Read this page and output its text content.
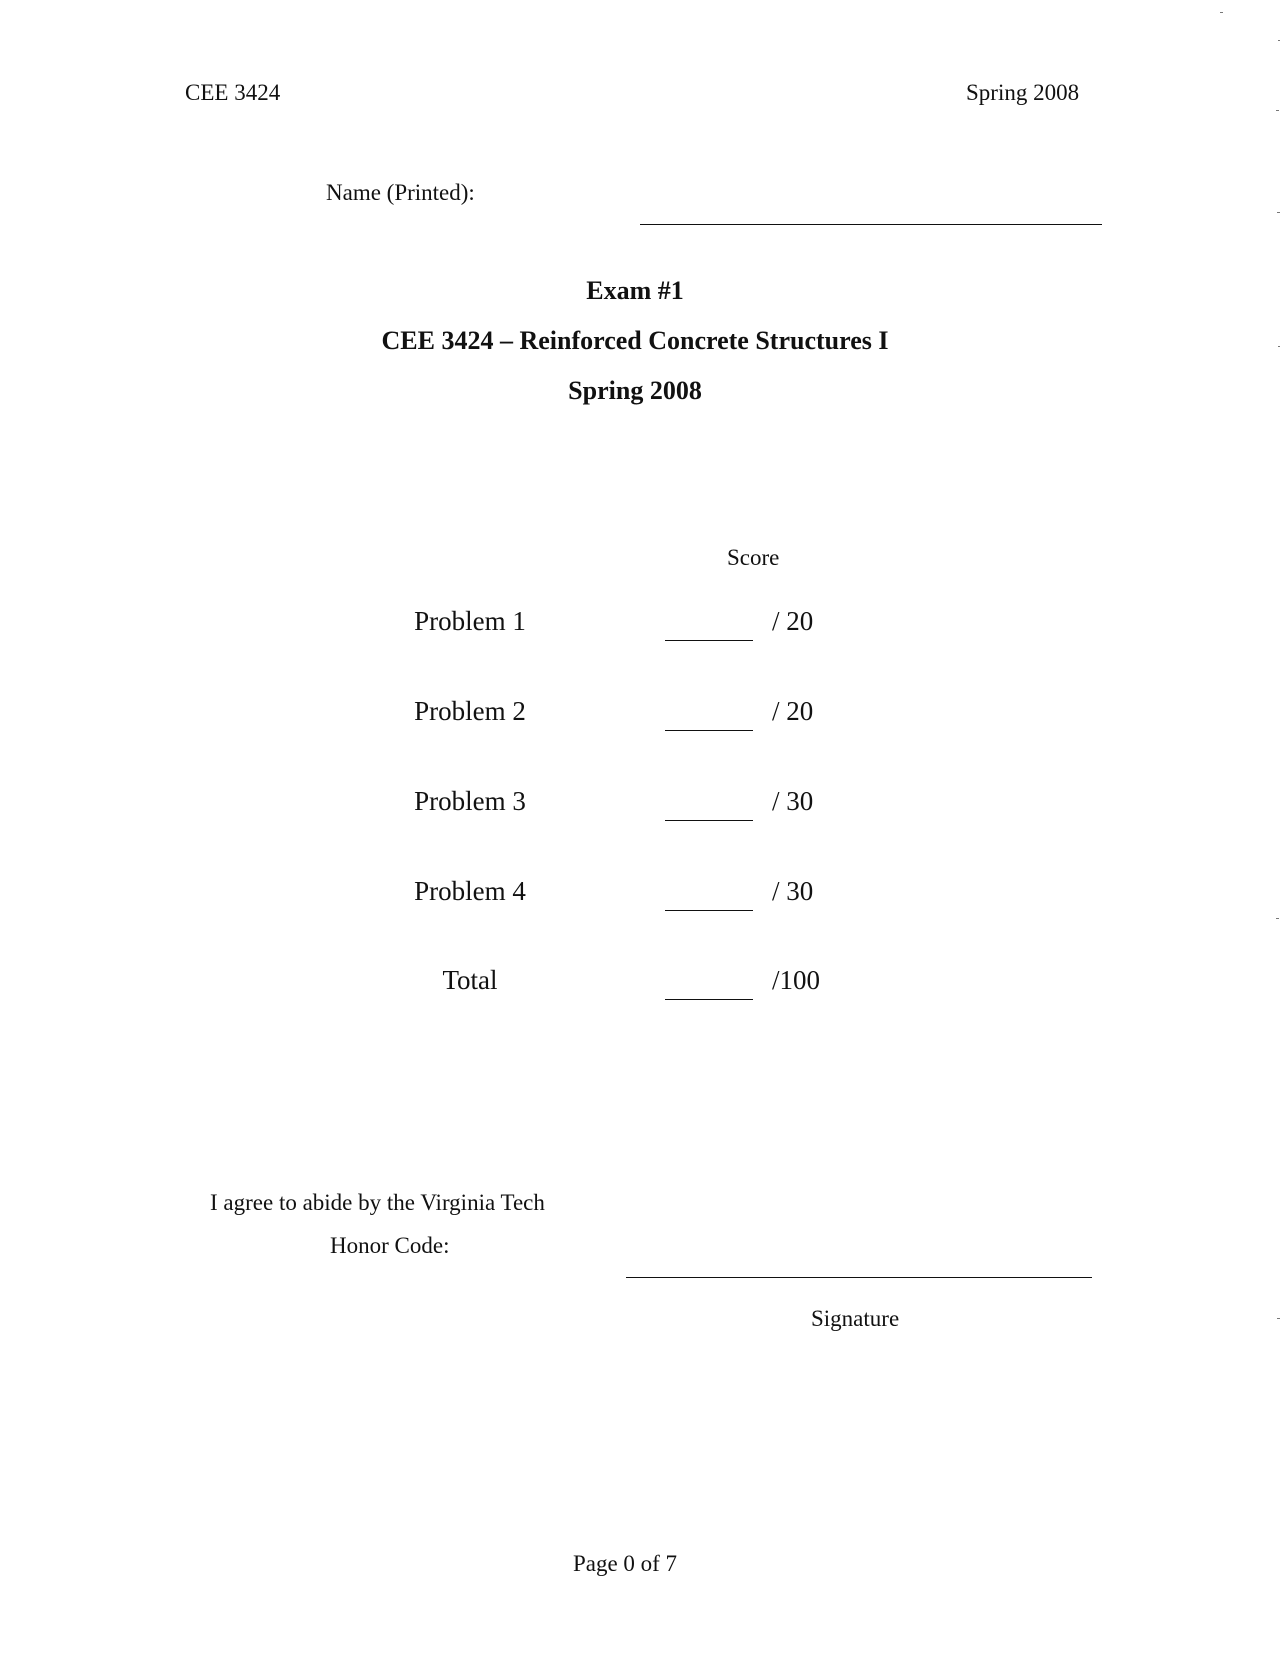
CEE 3424	Spring 2008
Name (Printed):
Exam #1
CEE 3424 – Reinforced Concrete Structures I
Spring 2008
Score
Problem 1	/ 20
Problem 2	/ 20
Problem 3	/ 30
Problem 4	/ 30
Total	/100
I agree to abide by the Virginia Tech
Honor Code:
Signature
Page 0 of 7
